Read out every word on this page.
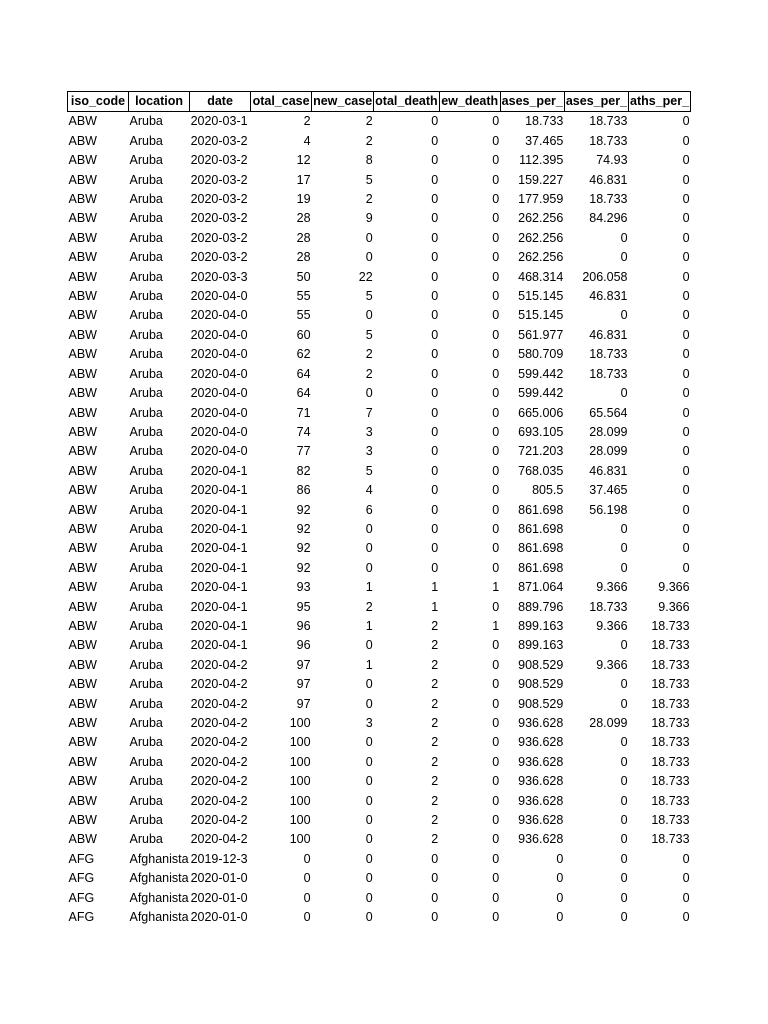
iso_code	location	date	otal_case	new_case	otal_death	ew_death	ases_per_	ases_per_	aths_per_
ABW	Aruba	2020-03-1	2	2	0	0	18.733	18.733	0
ABW	Aruba	2020-03-2	4	2	0	0	37.465	18.733	0
ABW	Aruba	2020-03-2	12	8	0	0	112.395	74.93	0
ABW	Aruba	2020-03-2	17	5	0	0	159.227	46.831	0
ABW	Aruba	2020-03-2	19	2	0	0	177.959	18.733	0
ABW	Aruba	2020-03-2	28	9	0	0	262.256	84.296	0
ABW	Aruba	2020-03-2	28	0	0	0	262.256	0	0
ABW	Aruba	2020-03-2	28	0	0	0	262.256	0	0
ABW	Aruba	2020-03-3	50	22	0	0	468.314	206.058	0
ABW	Aruba	2020-04-0	55	5	0	0	515.145	46.831	0
ABW	Aruba	2020-04-0	55	0	0	0	515.145	0	0
ABW	Aruba	2020-04-0	60	5	0	0	561.977	46.831	0
ABW	Aruba	2020-04-0	62	2	0	0	580.709	18.733	0
ABW	Aruba	2020-04-0	64	2	0	0	599.442	18.733	0
ABW	Aruba	2020-04-0	64	0	0	0	599.442	0	0
ABW	Aruba	2020-04-0	71	7	0	0	665.006	65.564	0
ABW	Aruba	2020-04-0	74	3	0	0	693.105	28.099	0
ABW	Aruba	2020-04-0	77	3	0	0	721.203	28.099	0
ABW	Aruba	2020-04-1	82	5	0	0	768.035	46.831	0
ABW	Aruba	2020-04-1	86	4	0	0	805.5	37.465	0
ABW	Aruba	2020-04-1	92	6	0	0	861.698	56.198	0
ABW	Aruba	2020-04-1	92	0	0	0	861.698	0	0
ABW	Aruba	2020-04-1	92	0	0	0	861.698	0	0
ABW	Aruba	2020-04-1	92	0	0	0	861.698	0	0
ABW	Aruba	2020-04-1	93	1	1	1	871.064	9.366	9.366
ABW	Aruba	2020-04-1	95	2	1	0	889.796	18.733	9.366
ABW	Aruba	2020-04-1	96	1	2	1	899.163	9.366	18.733
ABW	Aruba	2020-04-1	96	0	2	0	899.163	0	18.733
ABW	Aruba	2020-04-2	97	1	2	0	908.529	9.366	18.733
ABW	Aruba	2020-04-2	97	0	2	0	908.529	0	18.733
ABW	Aruba	2020-04-2	97	0	2	0	908.529	0	18.733
ABW	Aruba	2020-04-2	100	3	2	0	936.628	28.099	18.733
ABW	Aruba	2020-04-2	100	0	2	0	936.628	0	18.733
ABW	Aruba	2020-04-2	100	0	2	0	936.628	0	18.733
ABW	Aruba	2020-04-2	100	0	2	0	936.628	0	18.733
ABW	Aruba	2020-04-2	100	0	2	0	936.628	0	18.733
ABW	Aruba	2020-04-2	100	0	2	0	936.628	0	18.733
ABW	Aruba	2020-04-2	100	0	2	0	936.628	0	18.733
AFG	Afghanista	2019-12-3	0	0	0	0	0	0	0
AFG	Afghanista	2020-01-0	0	0	0	0	0	0	0
AFG	Afghanista	2020-01-0	0	0	0	0	0	0	0
AFG	Afghanista	2020-01-0	0	0	0	0	0	0	0
